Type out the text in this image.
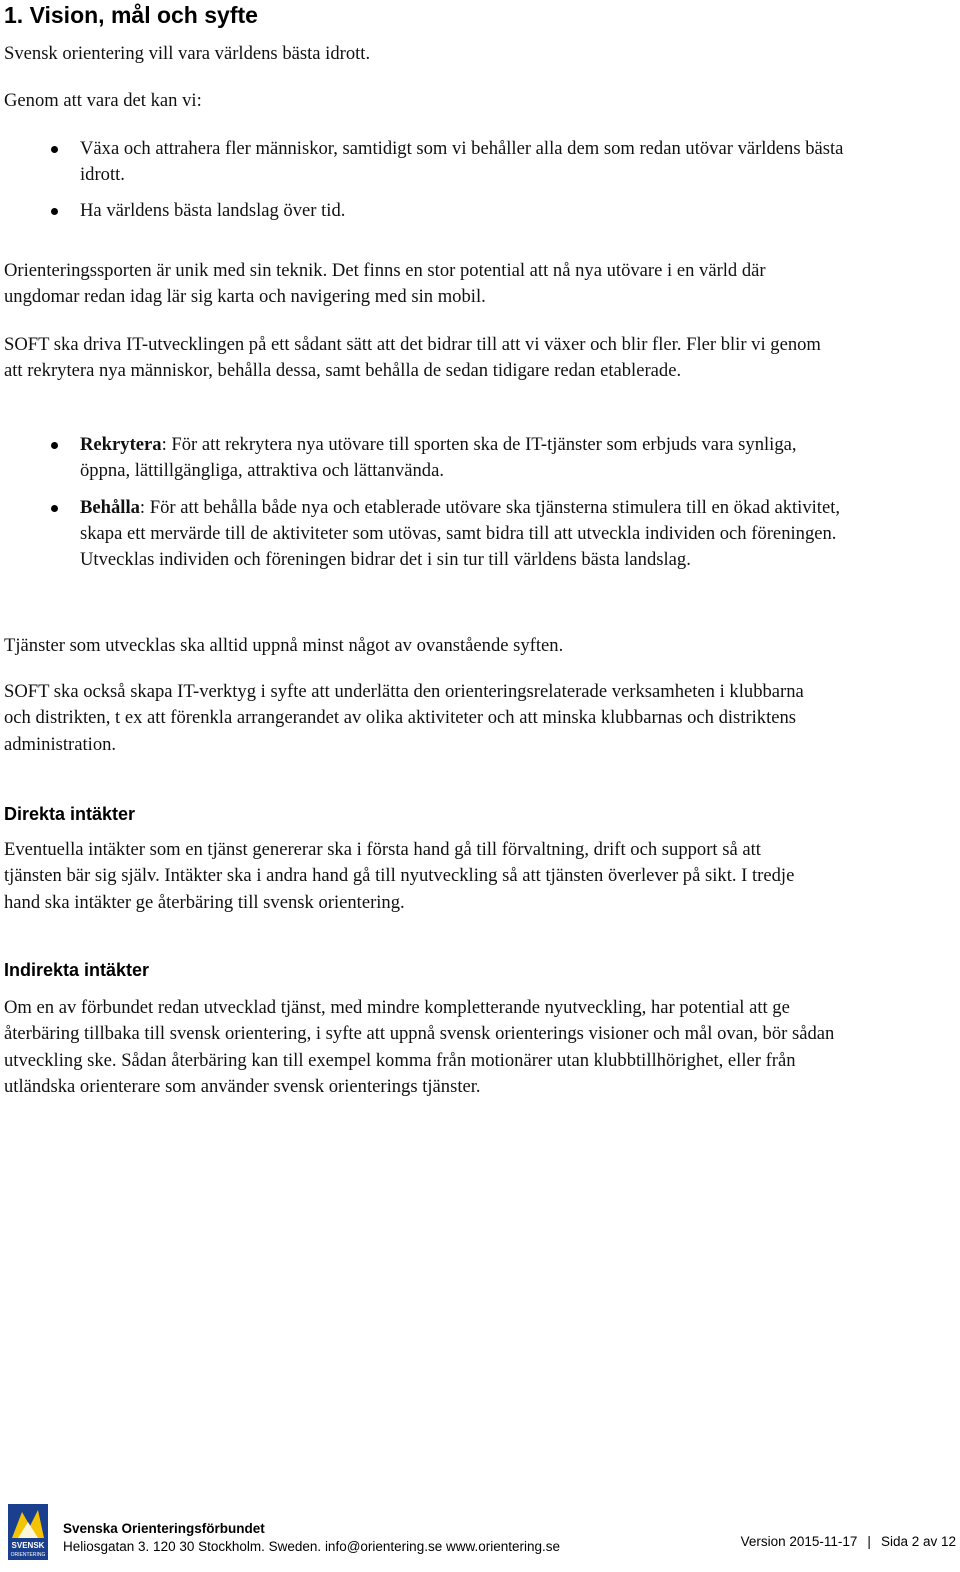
1. Vision, mål och syfte

Svensk orientering vill vara världens bästa idrott.

Genom att vara det kan vi:

Växa och attrahera fler människor, samtidigt som vi behåller alla dem som redan utövar världens bästa idrott.
Ha världens bästa landslag över tid.

Orienteringssporten är unik med sin teknik. Det finns en stor potential att nå nya utövare i en värld där ungdomar redan idag lär sig karta och navigering med sin mobil.

SOFT ska driva IT-utvecklingen på ett sådant sätt att det bidrar till att vi växer och blir fler. Fler blir vi genom att rekrytera nya människor, behålla dessa, samt behålla de sedan tidigare redan etablerade.

Rekrytera: För att rekrytera nya utövare till sporten ska de IT-tjänster som erbjuds vara synliga, öppna, lättillgängliga, attraktiva och lättanvända.
Behålla: För att behålla både nya och etablerade utövare ska tjänsterna stimulera till en ökad aktivitet, skapa ett mervärde till de aktiviteter som utövas, samt bidra till att utveckla individen och föreningen. Utvecklas individen och föreningen bidrar det i sin tur till världens bästa landslag.

Tjänster som utvecklas ska alltid uppnå minst något av ovanstående syften.

SOFT ska också skapa IT-verktyg i syfte att underlätta den orienteringsrelaterade verksamheten i klubbarna och distrikten, t ex att förenkla arrangerandet av olika aktiviteter och att minska klubbarnas och distriktens administration.

Direkta intäkter

Eventuella intäkter som en tjänst genererar ska i första hand gå till förvaltning, drift och support så att tjänsten bär sig själv. Intäkter ska i andra hand gå till nyutveckling så att tjänsten överlever på sikt. I tredje hand ska intäkter ge återbäring till svensk orientering.

Indirekta intäkter

Om en av förbundet redan utvecklad tjänst, med mindre kompletterande nyutveckling, har potential att ge återbäring tillbaka till svensk orientering, i syfte att uppnå svensk orienterings visioner och mål ovan, bör sådan utveckling ske. Sådan återbäring kan till exempel komma från motionärer utan klubbtillhörighet, eller från utländska orienterare som använder svensk orienterings tjänster.

SVENSK
ORIENTERING
Svenska Orienteringsförbundet
Heliosgatan 3. 120 30 Stockholm. Sweden. info@orientering.se www.orientering.se	Version 2015-11-17 | Sida 2 av 12
